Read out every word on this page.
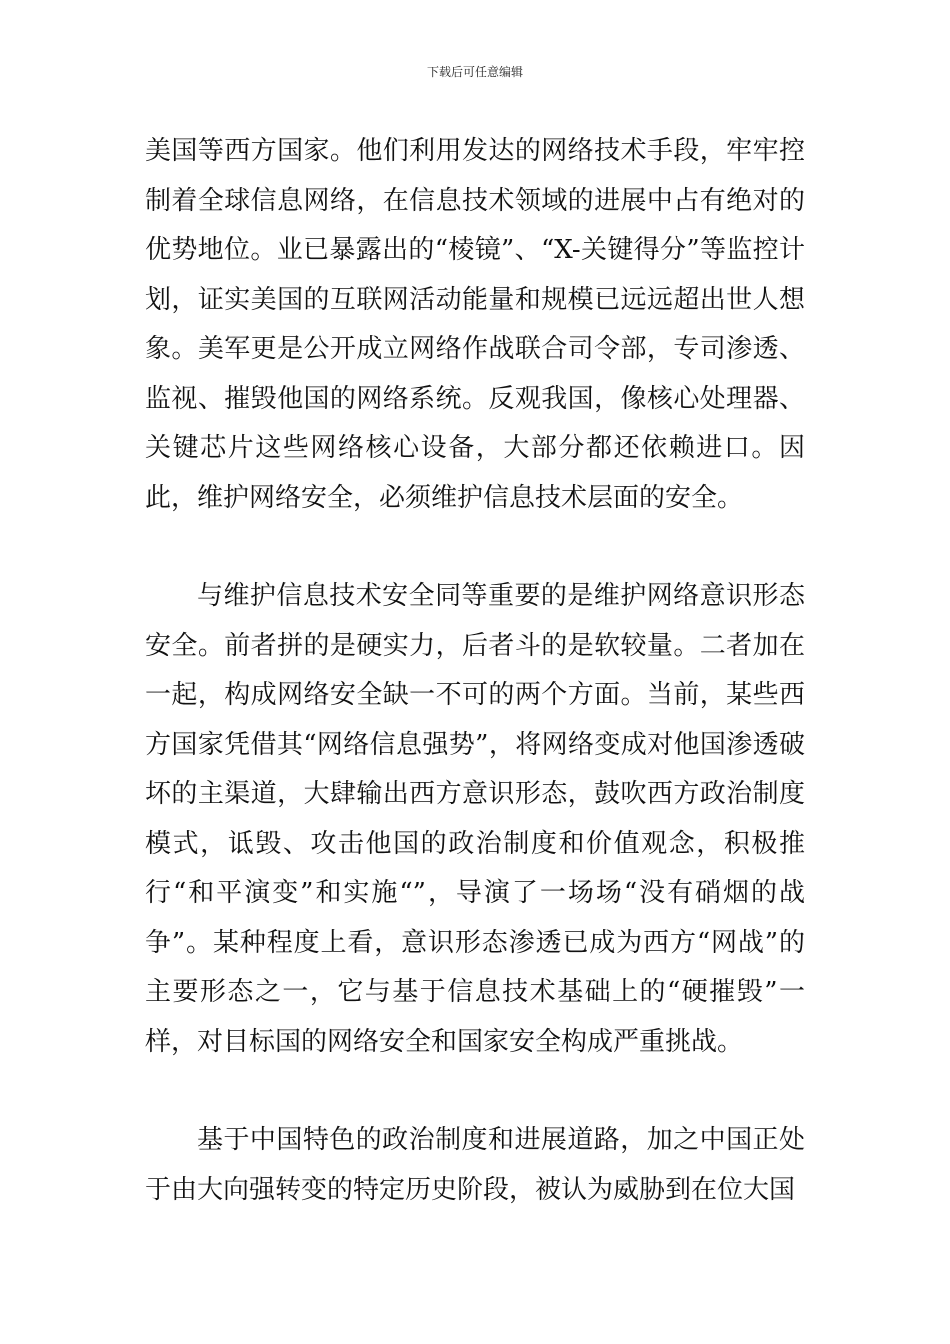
下载后可任意编辑

美国等西方国家。他们利用发达的网络技术手段，牢牢控制着全球信息网络，在信息技术领域的进展中占有绝对的优势地位。业已暴露出的“棱镜”、“X-关键得分”等监控计划，证实美国的互联网活动能量和规模已远远超出世人想象。美军更是公开成立网络作战联合司令部，专司渗透、监视、摧毁他国的网络系统。反观我国，像核心处理器、关键芯片这些网络核心设备，大部分都还依赖进口。因此，维护网络安全，必须维护信息技术层面的安全。

与维护信息技术安全同等重要的是维护网络意识形态安全。前者拼的是硬实力，后者斗的是软较量。二者加在一起，构成网络安全缺一不可的两个方面。当前，某些西方国家凭借其“网络信息强势”，将网络变成对他国渗透破坏的主渠道，大肆输出西方意识形态，鼓吹西方政治制度模式，诋毁、攻击他国的政治制度和价值观念，积极推行“和平演变”和实施“”，导演了一场场“没有硝烟的战争”。某种程度上看，意识形态渗透已成为西方“网战”的主要形态之一，它与基于信息技术基础上的“硬摧毁”一样，对目标国的网络安全和国家安全构成严重挑战。

基于中国特色的政治制度和进展道路，加之中国正处于由大向强转变的特定历史阶段，被认为威胁到在位大国
